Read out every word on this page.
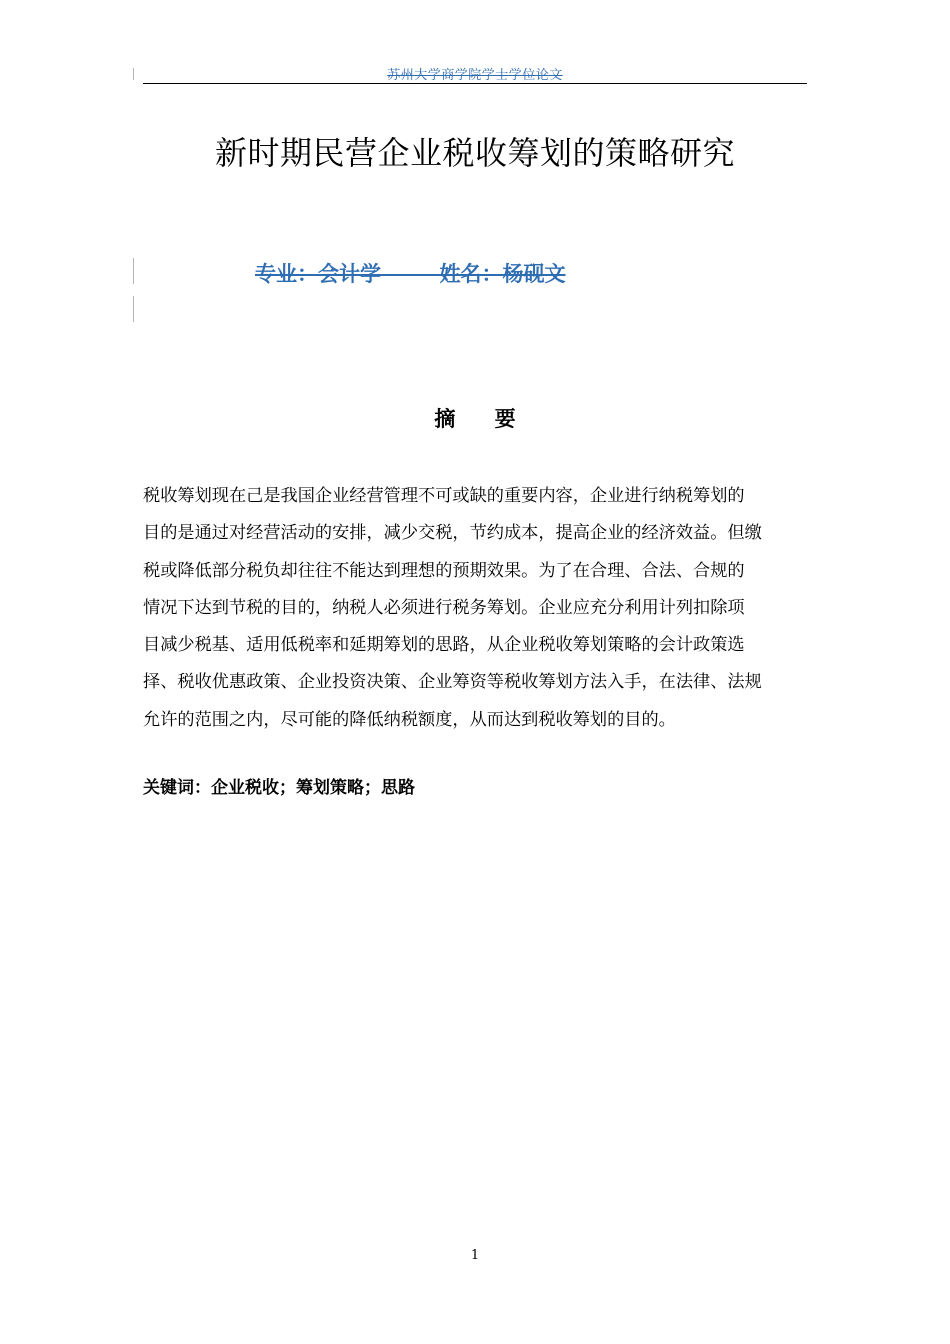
苏州大学商学院学士学位论文
新时期民营企业税收筹划的策略研究
专业：会计学	姓名：杨砚文
摘 要
税收筹划现在己是我国企业经营管理不可或缺的重要内容，企业进行纳税筹划的
目的是通过对经营活动的安排，减少交税，节约成本，提高企业的经济效益。但缴
税或降低部分税负却往往不能达到理想的预期效果。为了在合理、合法、合规的
情况下达到节税的目的，纳税人必须进行税务筹划。企业应充分利用计列扣除项
目减少税基、适用低税率和延期筹划的思路，从企业税收筹划策略的会计政策选
择、税收优惠政策、企业投资决策、企业筹资等税收筹划方法入手，在法律、法规
允许的范围之内，尽可能的降低纳税额度，从而达到税收筹划的目的。
关键词：企业税收；筹划策略；思路
1
